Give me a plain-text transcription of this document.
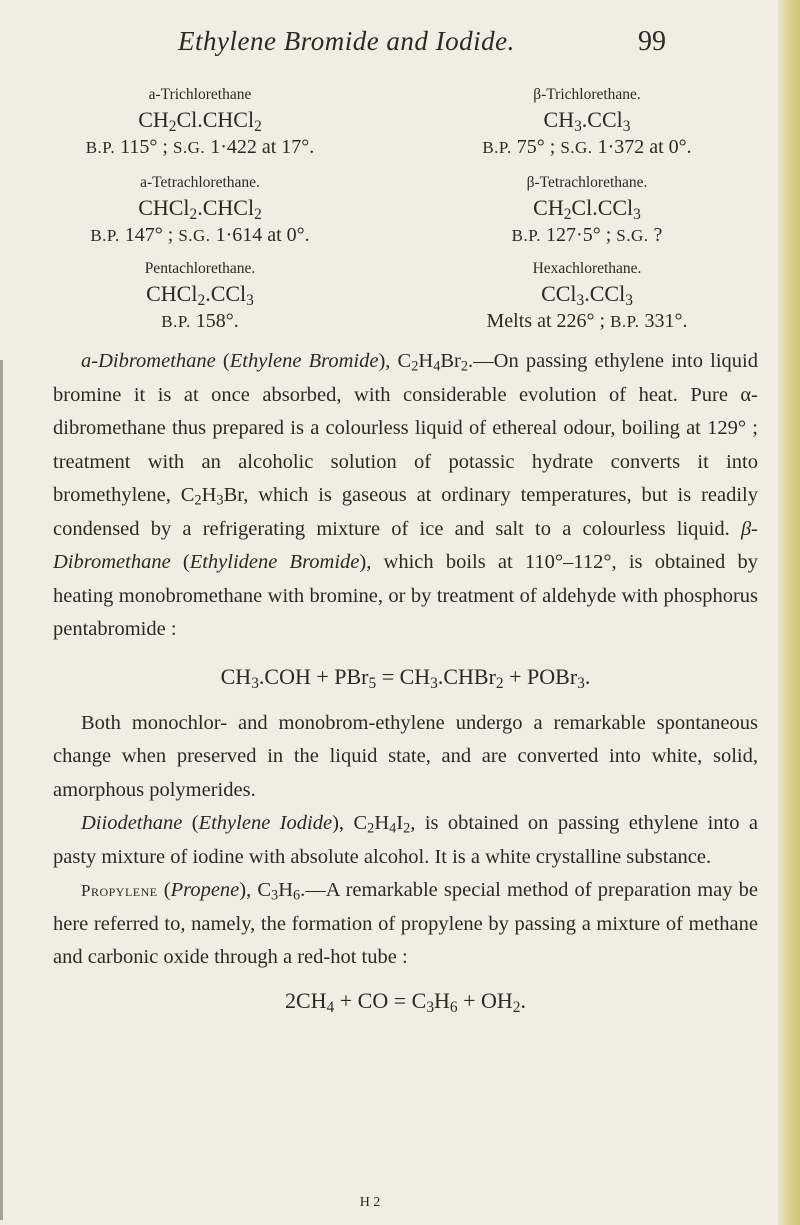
Ethylene Bromide and Iodide.	99
a-Trichlorethane
$CH_2Cl.CHCl_2$
B.P. 115° ; S.G. 1·422 at 17°.
β-Trichlorethane.
$CH_3.CCl_3$
B.P. 75° ; S.G. 1·372 at 0°.
a-Tetrachlorethane.
CHCl$_2$.CHCl$_2$
B.P. 147° ; S.G. 1·614 at 0°.
β-Tetrachlorethane.
$CH_2Cl.CCl_3$
B.P. 127·5° ; S.G. ?
Pentachlorethane.
CHCl$_2$.CCl$_3$
B.P. 158°.
Hexachlorethane.
CCl$_3$.CCl$_3$
Melts at 226° ; B.P. 331°.

a-Dibromethane (Ethylene Bromide), $C_2H_4Br_2.—On$ passing ethylene into liquid bromine it is at once absorbed, with considerable evolution of heat. Pure α-dibromethane thus prepared is a colourless liquid of ethereal odour, boiling at 129° ; treatment with an alcoholic solution of potassic hydrate converts it into bromethylene, $C_2H_3Br$, which is gaseous at ordinary temperatures, but is readily condensed by a refrigerating mixture of ice and salt to a colourless liquid. β-Dibromethane (Ethylidene Bromide), which boils at 110°–112°, is obtained by heating monobromethane with bromine, or by treatment of aldehyde with phosphorus pentabromide :

$CH_3.COH + PBr_5$ = $CH_3.CHBr_2$ + POBr$_3$.

Both monochlor- and monobrom-ethylene undergo a remarkable spontaneous change when preserved in the liquid state, and are converted into white, solid, amorphous polymerides.

Diiodethane (Ethylene Iodide), $C_2H_4I_2$, is obtained on passing ethylene into a pasty mixture of iodine with absolute alcohol. It is a white crystalline substance.

Propylene (Propene), $C_3H_6.—A$ remarkable special method of preparation may be here referred to, namely, the formation of propylene by passing a mixture of methane and carbonic oxide through a red-hot tube :

$2CH_4$ + CO = $C_3H_6 + OH_2$.

H 2
